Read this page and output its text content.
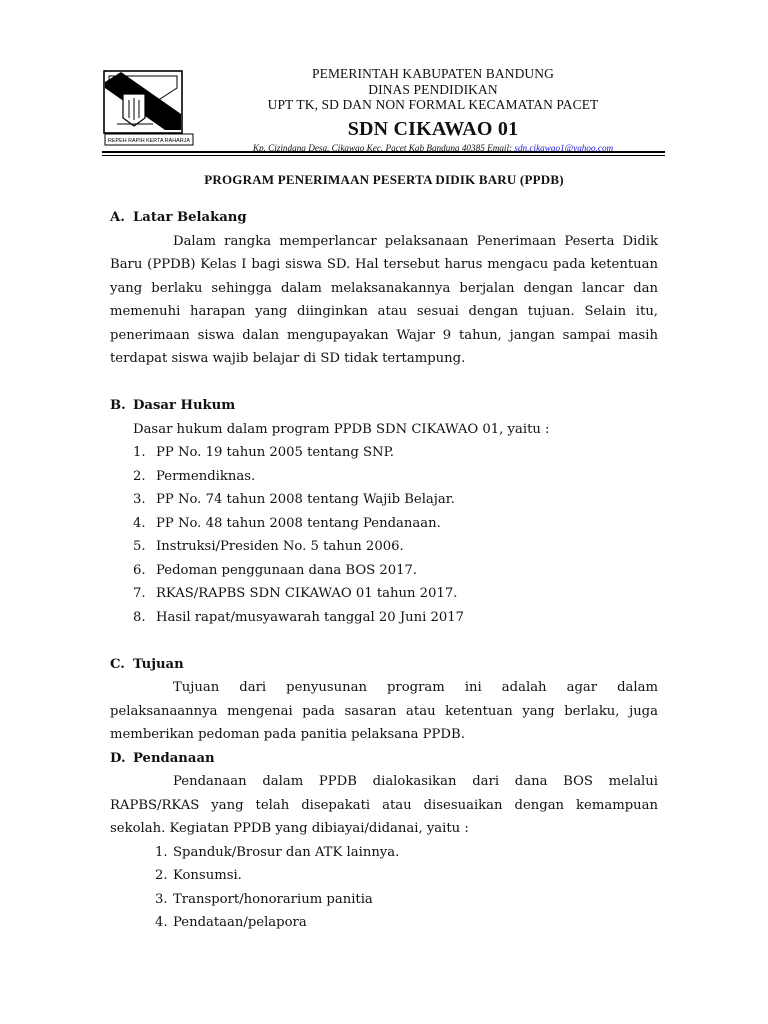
REPEH RAPIH KERTA RAHARJA
PEMERINTAH KABUPATEN BANDUNG
DINAS PENDIDIKAN
UPT TK, SD DAN NON FORMAL KECAMATAN PACET
SDN CIKAWAO 01
Kp. Cizindang Desa. Cikawao Kec. Pacet Kab Bandung 40385 Email: sdn.cikawao1@yahoo.com
PROGRAM PENERIMAAN PESERTA DIDIK BARU (PPDB)
A. Latar Belakang
Dalam rangka memperlancar pelaksanaan Penerimaan Peserta Didik Baru (PPDB) Kelas I bagi siswa SD. Hal tersebut harus mengacu pada ketentuan yang berlaku sehingga dalam melaksanakannya berjalan dengan lancar dan memenuhi harapan yang diinginkan atau sesuai dengan tujuan. Selain itu, penerimaan siswa dalan mengupayakan Wajar 9 tahun, jangan sampai masih terdapat siswa wajib belajar di SD tidak tertampung.
B. Dasar Hukum
Dasar hukum dalam program PPDB SDN CIKAWAO 01, yaitu :
1. PP No. 19 tahun 2005 tentang SNP.
2. Permendiknas.
3. PP No. 74 tahun 2008 tentang Wajib Belajar.
4. PP No. 48 tahun 2008 tentang Pendanaan.
5. Instruksi/Presiden No. 5 tahun 2006.
6. Pedoman penggunaan dana BOS 2017.
7. RKAS/RAPBS SDN CIKAWAO 01 tahun 2017.
8. Hasil rapat/musyawarah tanggal 20 Juni 2017
C. Tujuan
Tujuan dari penyusunan program ini adalah agar dalam pelaksanaannya mengenai pada sasaran atau ketentuan yang berlaku, juga memberikan pedoman pada panitia pelaksana PPDB.
D. Pendanaan
Pendanaan dalam PPDB dialokasikan dari dana BOS melalui RAPBS/RKAS yang telah disepakati atau disesuaikan dengan kemampuan sekolah. Kegiatan PPDB yang dibiayai/didanai, yaitu :
1. Spanduk/Brosur dan ATK lainnya.
2. Konsumsi.
3. Transport/honorarium panitia
4. Pendataan/pelapora
